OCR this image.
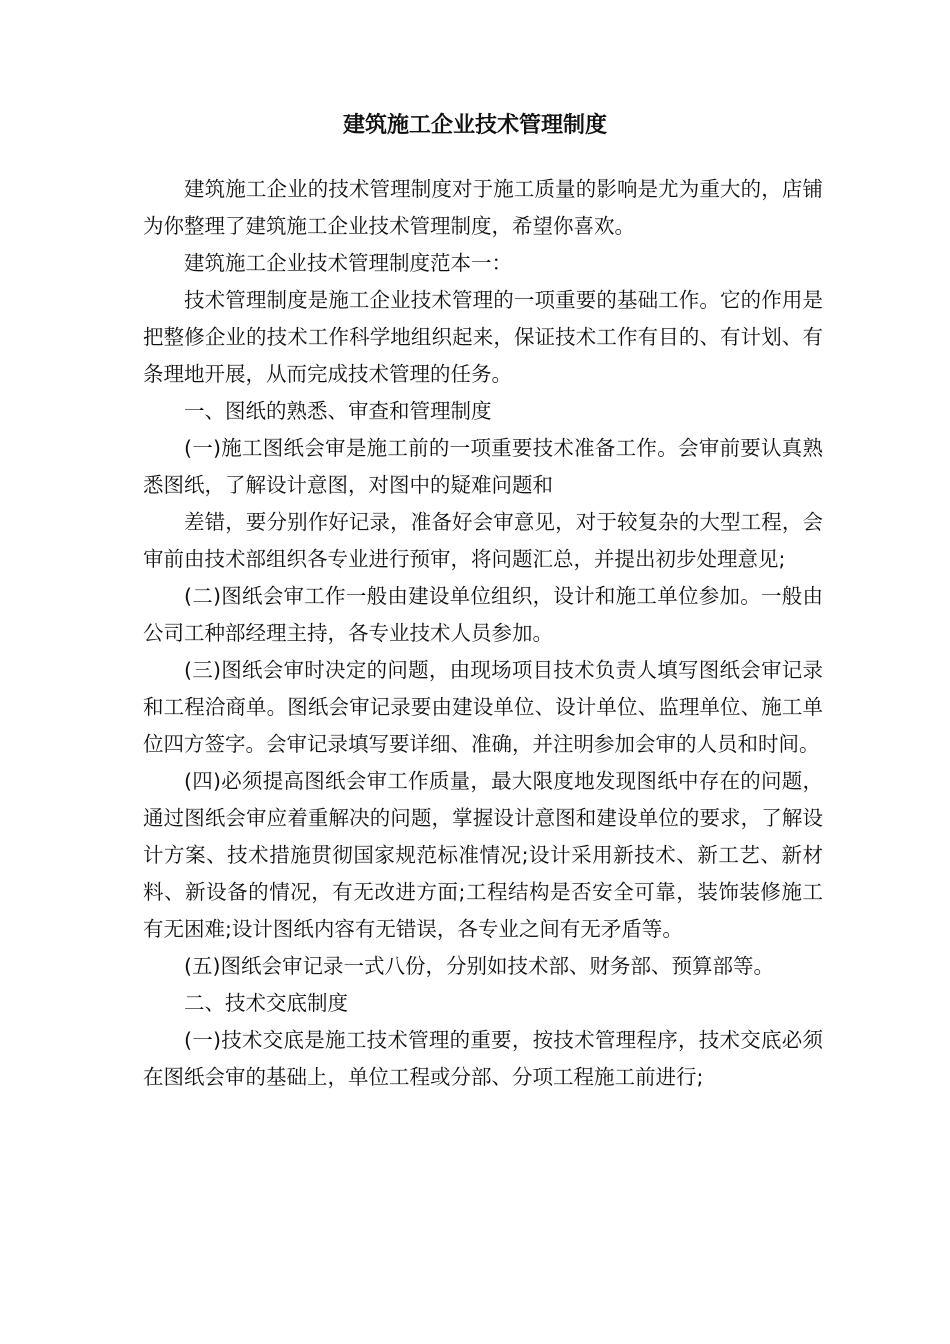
建筑施工企业技术管理制度

建筑施工企业的技术管理制度对于施工质量的影响是尤为重大的，店铺为你整理了建筑施工企业技术管理制度，希望你喜欢。

建筑施工企业技术管理制度范本一：

技术管理制度是施工企业技术管理的一项重要的基础工作。它的作用是把整修企业的技术工作科学地组织起来，保证技术工作有目的、有计划、有条理地开展，从而完成技术管理的任务。

一、图纸的熟悉、审查和管理制度

(一)施工图纸会审是施工前的一项重要技术准备工作。会审前要认真熟悉图纸，了解设计意图，对图中的疑难问题和

差错，要分别作好记录，准备好会审意见，对于较复杂的大型工程，会审前由技术部组织各专业进行预审，将问题汇总，并提出初步处理意见;

(二)图纸会审工作一般由建设单位组织，设计和施工单位参加。一般由公司工种部经理主持，各专业技术人员参加。

(三)图纸会审时决定的问题，由现场项目技术负责人填写图纸会审记录和工程洽商单。图纸会审记录要由建设单位、设计单位、监理单位、施工单位四方签字。会审记录填写要详细、准确，并注明参加会审的人员和时间。

(四)必须提高图纸会审工作质量，最大限度地发现图纸中存在的问题，通过图纸会审应着重解决的问题，掌握设计意图和建设单位的要求，了解设计方案、技术措施贯彻国家规范标准情况;设计采用新技术、新工艺、新材料、新设备的情况，有无改进方面;工程结构是否安全可靠，装饰装修施工有无困难;设计图纸内容有无错误，各专业之间有无矛盾等。

(五)图纸会审记录一式八份，分别如技术部、财务部、预算部等。

二、技术交底制度

(一)技术交底是施工技术管理的重要，按技术管理程序，技术交底必须在图纸会审的基础上，单位工程或分部、分项工程施工前进行;
